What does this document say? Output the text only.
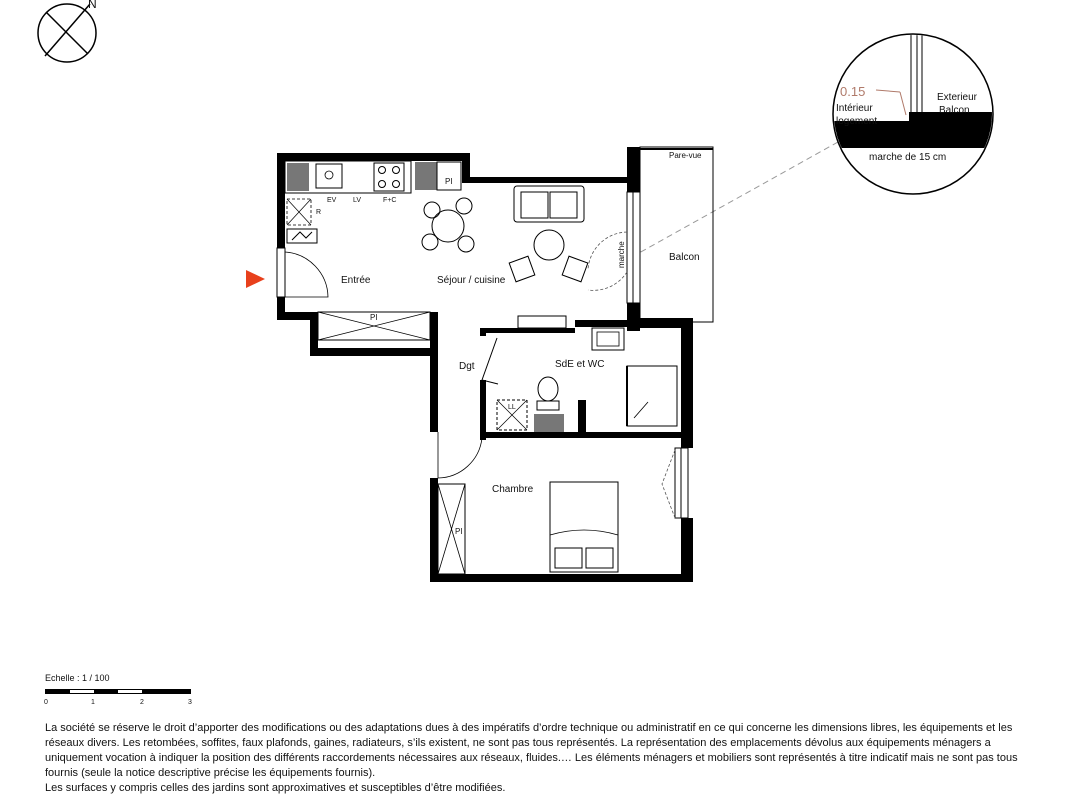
N
0.15
Intérieur
logement
Exterieur
Balcon
marche de 15 cm
Pare-vue
Balcon
marche
PI
EV LV	F+C
R
Entrée	Séjour / cuisine
PI
Dgt
LL
SdE et WC
PI
Chambre
Echelle : 1 / 100
0	1	2	3

La société se réserve le droit d’apporter des modifications ou des adaptations dues à des impératifs d’ordre technique ou administratif en ce qui concerne les dimensions libres, les équipements et les réseaux divers. Les retombées, soffites, faux plafonds, gaines, radiateurs, s’ils existent, ne sont pas tous représentés. La représentation des emplacements dévolus aux équipements ménagers a uniquement vocation à indiquer la position des différents raccordements nécessaires aux réseaux, fluides.… Les éléments ménagers et mobiliers sont représentés à titre indicatif mais ne sont pas tous fournis (seule la notice descriptive précise les équipements fournis).

Les surfaces y compris celles des jardins sont approximatives et susceptibles d’être modifiées.
